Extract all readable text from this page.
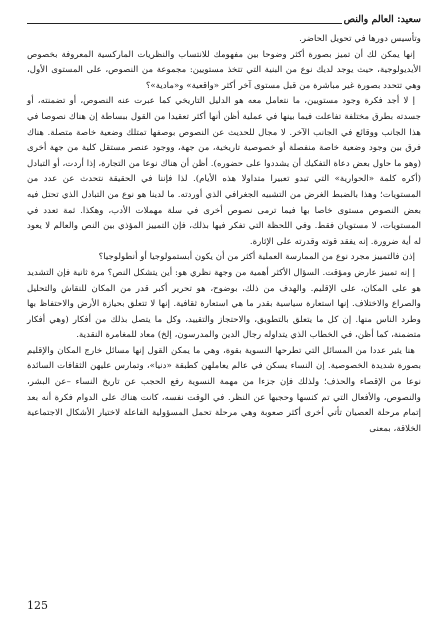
سعيد: العالم والنص

وتأسيس دورها في تحويل الحاضر.

إنها يمكن لك أن تميز بصورة أكثر وضوحا بين مفهومك للانتساب والنظريات الماركسية المعروفة بخصوص الأيديولوجية، حيث يوجد لديك نوع من البنية التي تتخذ مستويين: مجموعة من النصوص، على المستوى الأول، وهي تتحدد بصورة غير مباشرة من قبل مستوى آخر أكثر «واقعية» و«مادية»؟

إ لا أجد فكرة وجود مستويين، ما نتعامل معه هو الدليل التاريخي كما عبرت عنه النصوص، أو تضمنته، أو جسدته بطرق مختلفة تفاعلت فيما بينها في عملية أظن أنها أكثر تعقيدا من القول ببساطة إن هناك نصوصا في هذا الجانب ووقائع في الجانب الآخر. لا مجال للحديث عن النصوص بوصفها تمتلك وضعية خاصة متصلة. هناك فرق بين وجود وضعية خاصة منفصلة أو خصوصية تاريخية، من جهة، ووجود عنصر مستقل كلية من جهة أخرى (وهو ما حاول بعض دعاة التفكيك أن يشددوا على حضوره). أظن أن هناك نوعا من التجارة، إذا أردت، أو التبادل (أكره كلمة «الحوارية» التي تبدو تعبيرا متداولا هذه الأيام). لذا فإننا في الحقيقة نتحدث عن عدد من المستويات؛ وهذا بالضبط الغرض من التشبيه الجغرافي الذي أوردته. ما لدينا هو نوع من التبادل الذي تحتل فيه بعض النصوص مستوى خاصا بها فيما ترمى نصوص أخرى في سلة مهملات الأدب، وهكذا. ثمة تعدد في المستويات، لا مستويان فقط. وفي اللحظة التي تفكر فيها بذلك، فإن التمييز المؤذي بين النص والعالم لا يعود له أية ضرورة. إنه يفقد قوته وقدرته على الإثارة.

إذن فالتمييز مجرد نوع من الممارسة العملية أكثر من أن يكون أبستمولوجيا أو أنطولوجيا؟

إ إنه تمييز عارض ومؤقت. السؤال الأكثر أهمية من وجهة نظري هو: أين يتشكل النص؟ مرة ثانية فإن التشديد هو على المكان، على الإقليم. والهدف من ذلك، بوضوح، هو تحرير أكبر قدر من المكان للنقاش والتحليل والصراع والاختلاف. إنها استعارة سياسية بقدر ما هي استعارة ثقافية. إنها لا تتعلق بحيازة الأرض والاحتفاظ بها وطرد الناس منها. إن كل ما يتعلق بالتطويق، والاحتجاز والتقييد، وكل ما يتصل بذلك من أفكار (وهي أفكار متضمنة، كما أظن، في الخطاب الذي يتداوله رجال الدين والمدرسون، إلخ) معاد للمغامرة النقدية.

هنا يثير عددا من المسائل التي تطرحها النسوية بقوة، وهي ما يمكن القول إنها مسائل خارج المكان والإقليم بصورة شديدة الخصوصية. إن النساء يسكن في عالم يعاملهن كطبقة «دنيا»، وتمارس عليهن الثقافات السائدة نوعا من الإقصاء والحذف؛ ولذلك فإن جزءا من مهمة النسوية رفع الحجب عن تاريخ النساء –عن البشر، والنصوص، والأفعال التي تم كنسها وحجبها عن النظر. في الوقت نفسه، كانت هناك على الدوام فكرة أنه بعد إتمام مرحلة العصيان تأتي أخرى أكثر صعوبة وهي مرحلة تحمل المسؤولية الفاعلة لاختيار الأشكال الاجتماعية الخلاقة، بمعنى

125
